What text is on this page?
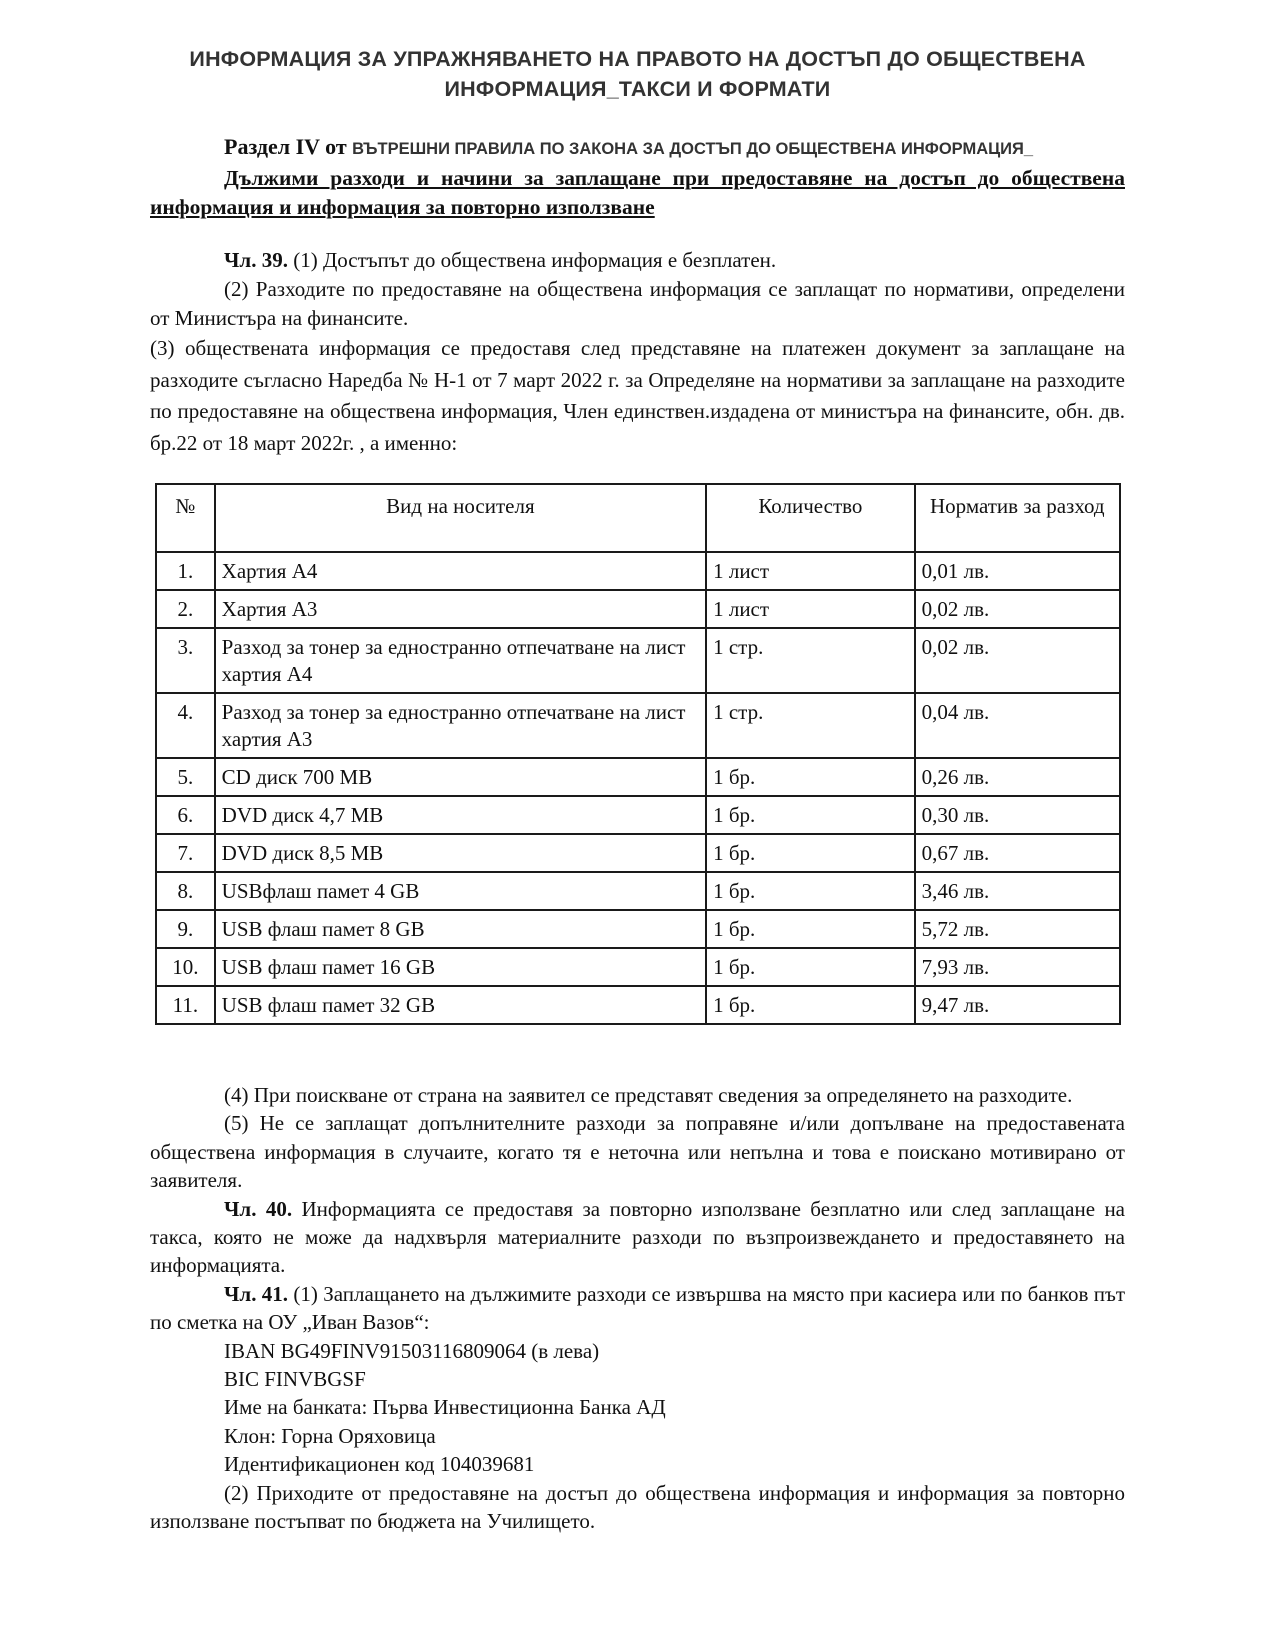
ИНФОРМАЦИЯ ЗА УПРАЖНЯВАНЕТО НА ПРАВОТО НА ДОСТЪП ДО ОБЩЕСТВЕНА
ИНФОРМАЦИЯ_ТАКСИ И ФОРМАТИ
Раздел IV от ВЪТРЕШНИ ПРАВИЛА ПО ЗАКОНА ЗА ДОСТЪП ДО ОБЩЕСТВЕНА ИНФОРМАЦИЯ_
Дължими разходи и начини за заплащане при предоставяне на достъп до обществена информация и информация за повторно използване
Чл. 39. (1) Достъпът до обществена информация е безплатен.
(2) Разходите по предоставяне на обществена информация се заплащат по нормативи, определени от Министъра на финансите.
(3) обществената информация се предоставя след представяне на платежен документ за заплащане на разходите съгласно Наредба № Н-1 от 7 март 2022 г. за Определяне на нормативи за заплащане на разходите по предоставяне на обществена информация, Член единствен.издадена от министъра на финансите, обн. дв. бр.22 от 18 март 2022г. , а именно:
№	Вид на носителя	Количество	Норматив за разход
1.	Хартия А4	1 лист	0,01 лв.
2.	Хартия А3	1 лист	0,02 лв.
3.	Разход за тонер за едностранно отпечатване на лист хартия А4	1 стр.	0,02 лв.
4.	Разход за тонер за едностранно отпечатване на лист хартия А3	1 стр.	0,04 лв.
5.	CD диск 700 MB	1 бр.	0,26 лв.
6.	DVD диск 4,7 MB	1 бр.	0,30 лв.
7.	DVD диск 8,5 MB	1 бр.	0,67 лв.
8.	USBфлаш памет 4 GB	1 бр.	3,46 лв.
9.	USB флаш памет 8 GB	1 бр.	5,72 лв.
10.	USB флаш памет 16 GB	1 бр.	7,93 лв.
11.	USB флаш памет 32 GB	1 бр.	9,47 лв.
(4) При поискване от страна на заявител се представят сведения за определянето на разходите.
(5) Не се заплащат допълнителните разходи за поправяне и/или допълване на предоставената обществена информация в случаите, когато тя е неточна или непълна и това е поискано мотивирано от заявителя.
Чл. 40. Информацията се предоставя за повторно използване безплатно или след заплащане на такса, която не може да надхвърля материалните разходи по възпроизвеждането и предоставянето на информацията.
Чл. 41. (1) Заплащането на дължимите разходи се извършва на място при касиера или по банков път по сметка на ОУ „Иван Вазов“:
IBAN BG49FINV91503116809064 (в лева)
BIC FINVBGSF
Име на банката: Първа Инвестиционна Банка АД
Клон: Горна Оряховица
Идентификационен код 104039681
(2) Приходите от предоставяне на достъп до обществена информация и информация за повторно използване постъпват по бюджета на Училището.
